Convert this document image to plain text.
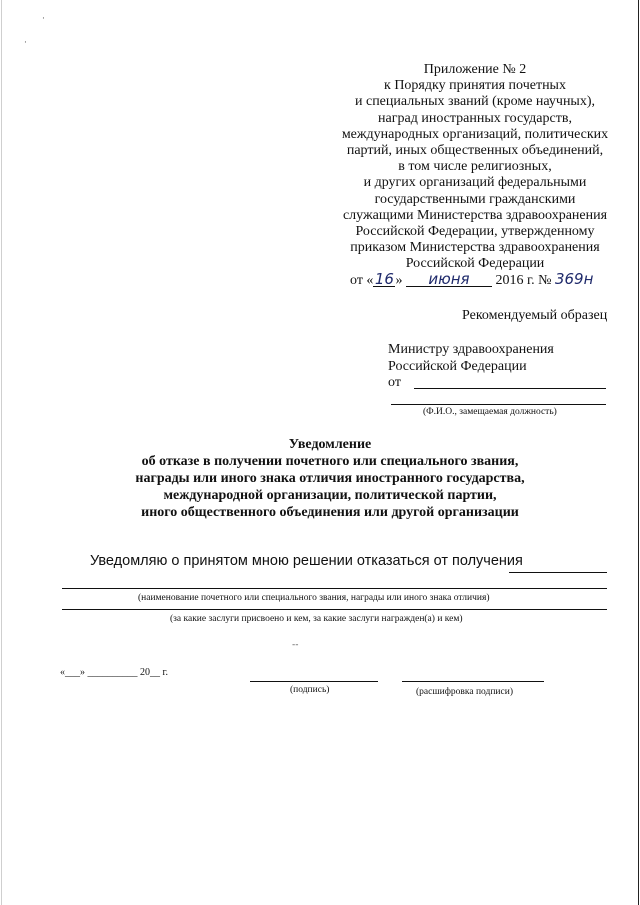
·
·
--
Приложение № 2
к Порядку принятия почетных
и специальных званий (кроме научных),
наград иностранных государств,
международных организаций, политических
партий, иных общественных объединений,
в том числе религиозных,
и других организаций федеральными
государственными гражданскими
служащими Министерства здравоохранения
Российской Федерации, утвержденному
приказом Министерства здравоохранения
Российской Федерации
от «16» июня 2016 г. № 369н
Рекомендуемый образец
Министру здравоохранения
Российской Федерации
от
(Ф.И.О., замещаемая должность)
Уведомление
об отказе в получении почетного или специального звания,
награды или иного знака отличия иностранного государства,
международной организации, политической партии,
иного общественного объединения или другой организации
Уведомляю о принятом мною решении отказаться от получения
(наименование почетного или специального звания, награды или иного знака отличия)
(за какие заслуги присвоено и кем, за какие заслуги награжден(а) и кем)
«___» __________ 20__ г.
(подпись)	(расшифровка подписи)
